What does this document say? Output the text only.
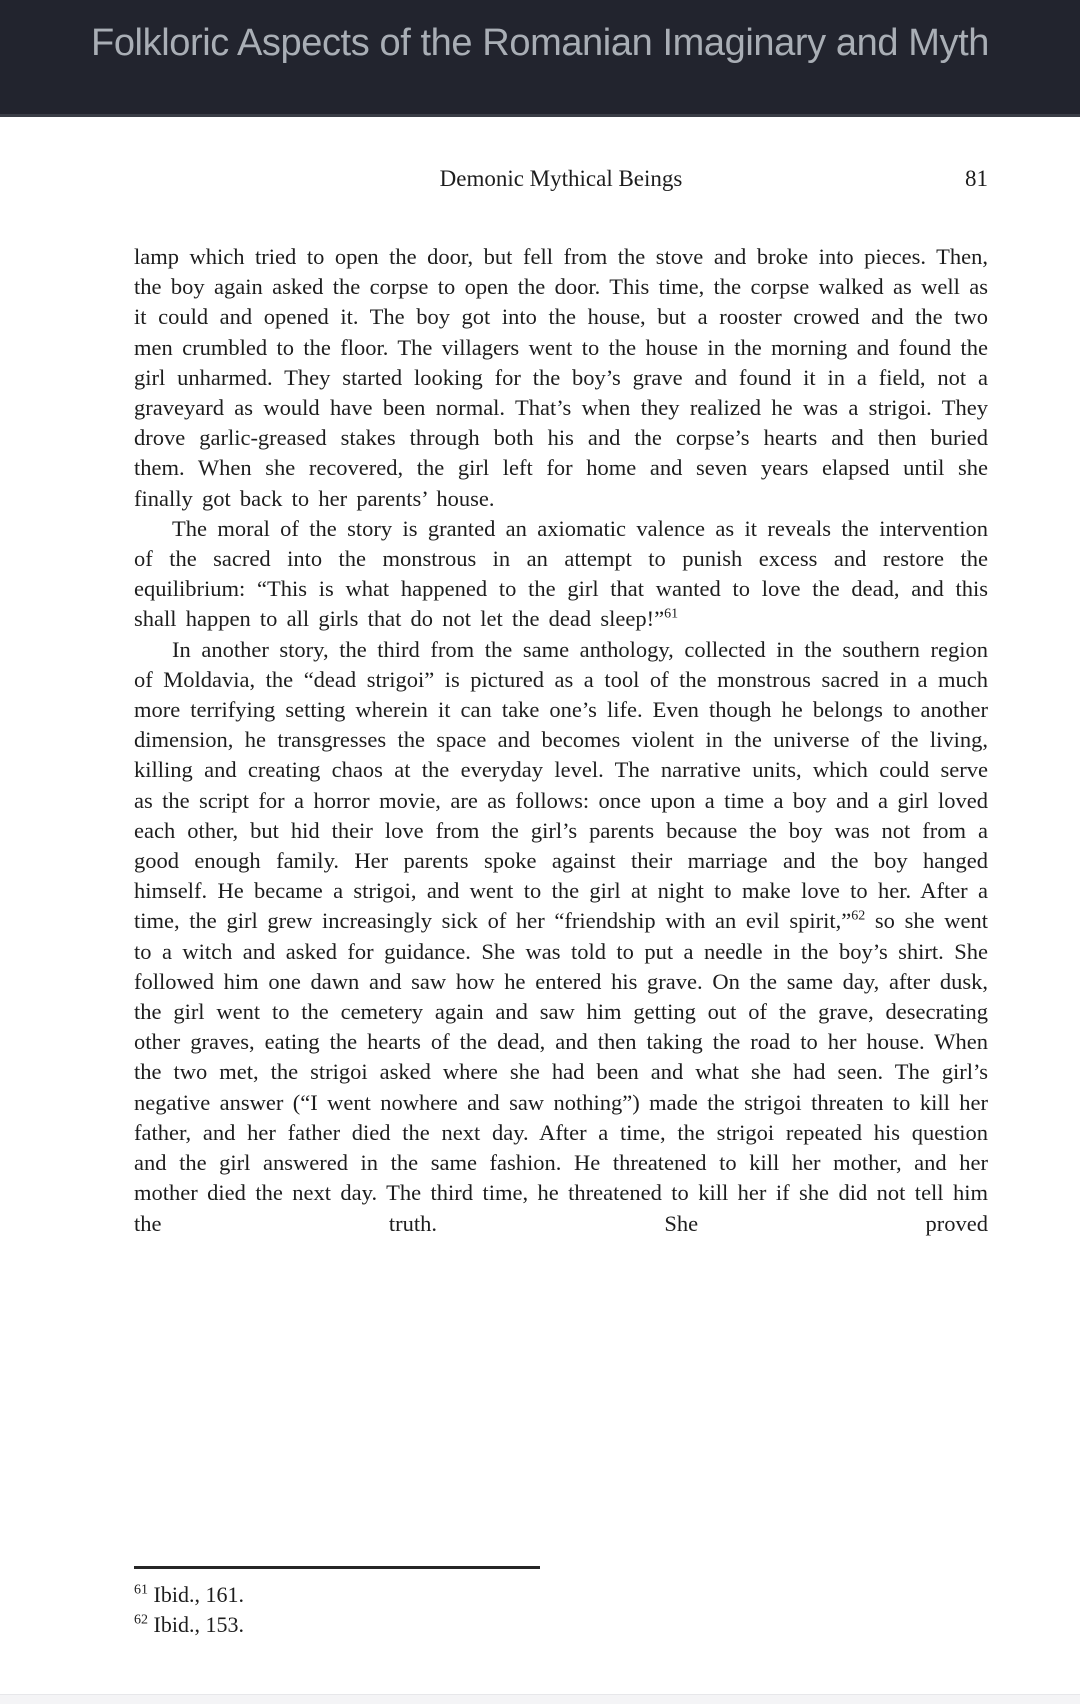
Folkloric Aspects of the Romanian Imaginary and Myth
Demonic Mythical Beings	81

lamp which tried to open the door, but fell from the stove and broke into pieces. Then, the boy again asked the corpse to open the door. This time, the corpse walked as well as it could and opened it. The boy got into the house, but a rooster crowed and the two men crumbled to the floor. The villagers went to the house in the morning and found the girl unharmed. They started looking for the boy’s grave and found it in a field, not a graveyard as would have been normal. That’s when they realized he was a strigoi. They drove garlic-greased stakes through both his and the corpse’s hearts and then buried them. When she recovered, the girl left for home and seven years elapsed until she finally got back to her parents’ house.

The moral of the story is granted an axiomatic valence as it reveals the intervention of the sacred into the monstrous in an attempt to punish excess and restore the equilibrium: “This is what happened to the girl that wanted to love the dead, and this shall happen to all girls that do not let the dead sleep!”$^{61}$

In another story, the third from the same anthology, collected in the southern region of Moldavia, the “dead strigoi” is pictured as a tool of the monstrous sacred in a much more terrifying setting wherein it can take one’s life. Even though he belongs to another dimension, he transgresses the space and becomes violent in the universe of the living, killing and creating chaos at the everyday level. The narrative units, which could serve as the script for a horror movie, are as follows: once upon a time a boy and a girl loved each other, but hid their love from the girl’s parents because the boy was not from a good enough family. Her parents spoke against their marriage and the boy hanged himself. He became a strigoi, and went to the girl at night to make love to her. After a time, the girl grew increasingly sick of her “friendship with an evil spirit,”$^{62}$ so she went to a witch and asked for guidance. She was told to put a needle in the boy’s shirt. She followed him one dawn and saw how he entered his grave. On the same day, after dusk, the girl went to the cemetery again and saw him getting out of the grave, desecrating other graves, eating the hearts of the dead, and then taking the road to her house. When the two met, the strigoi asked where she had been and what she had seen. The girl’s negative answer (“I went nowhere and saw nothing”) made the strigoi threaten to kill her father, and her father died the next day. After a time, the strigoi repeated his question and the girl answered in the same fashion. He threatened to kill her mother, and her mother died the next day. The third time, he threatened to kill her if she did not tell him the truth. She proved

$^{61}$ Ibid., 161.
$^{62}$ Ibid., 153.
